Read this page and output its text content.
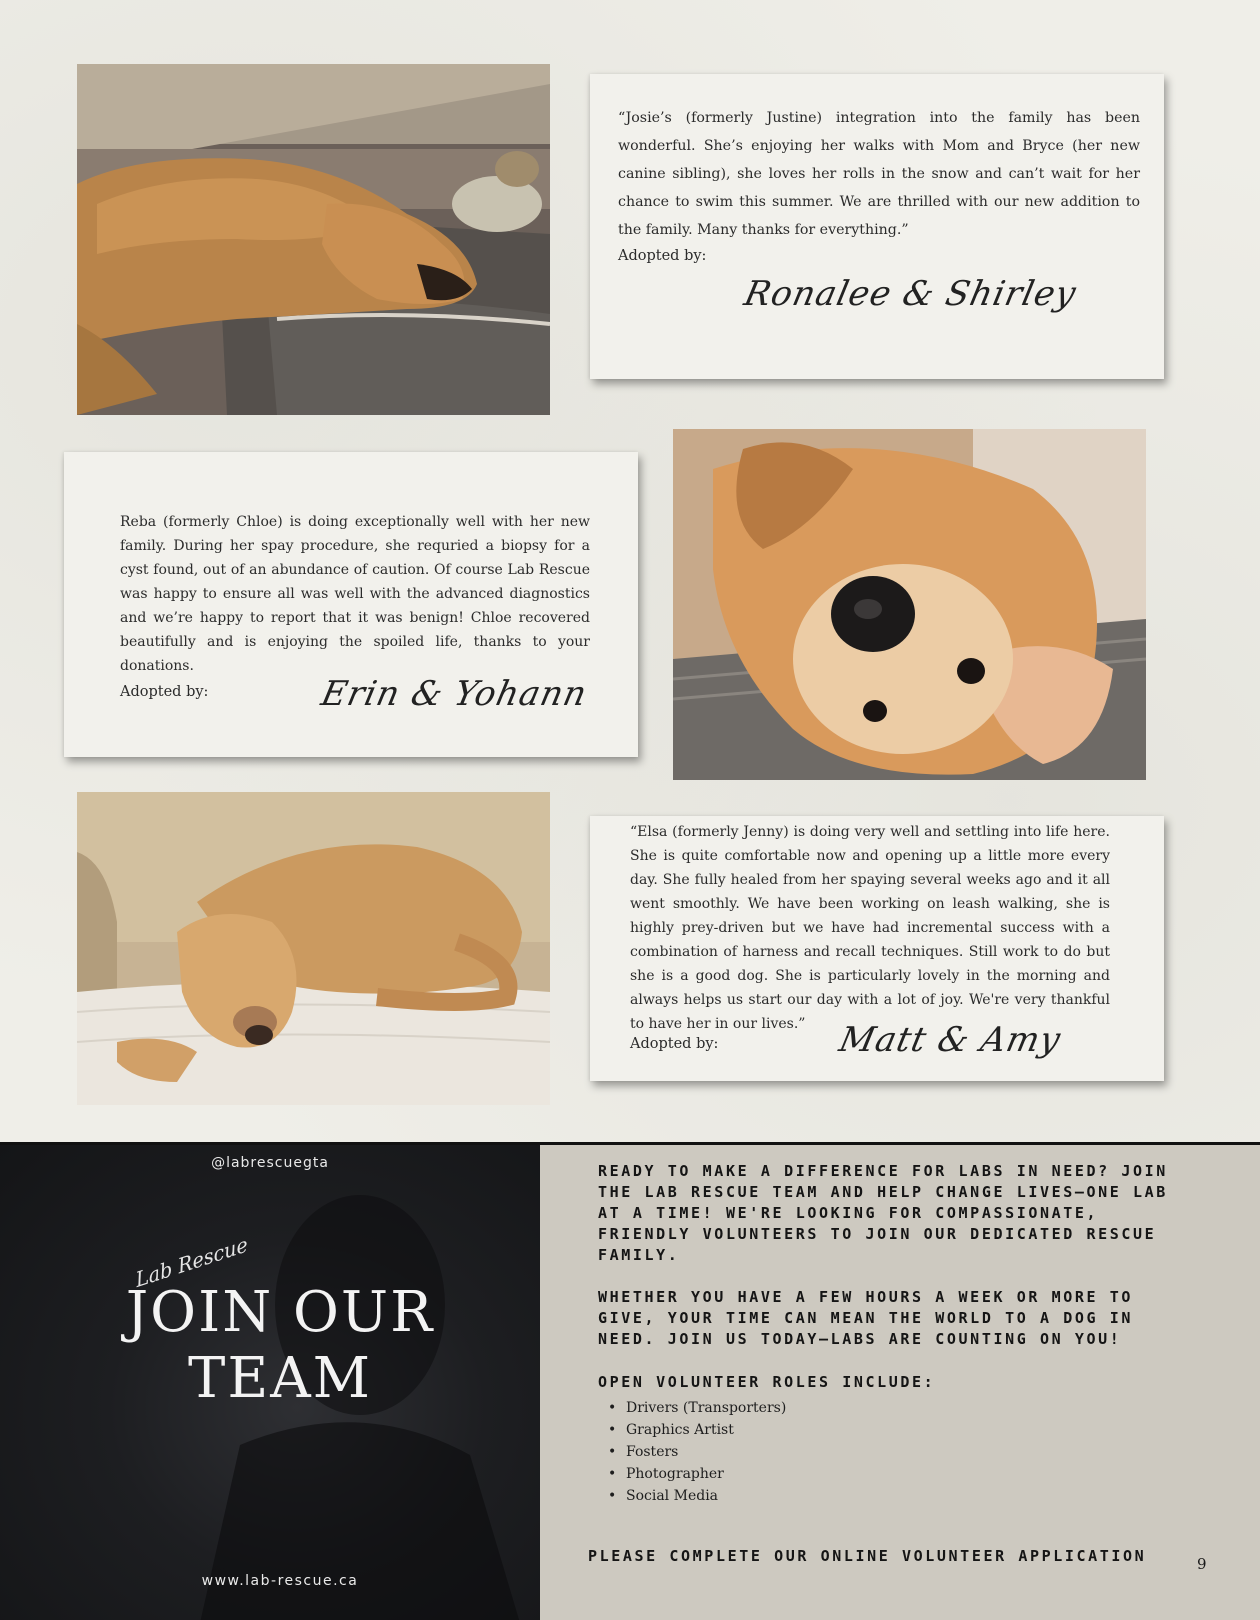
“Josie’s (formerly Justine) integration into the family has been wonderful. She’s enjoying her walks with Mom and Bryce (her new canine sibling), she loves her rolls in the snow and can’t wait for her chance to swim this summer. We are thrilled with our new addition to the family. Many thanks for everything.”
Adopted by:
Ronalee & Shirley
Reba (formerly Chloe) is doing exceptionally well with her new family. During her spay procedure, she requried a biopsy for a cyst found, out of an abundance of caution. Of course Lab Rescue was happy to ensure all was well with the advanced diagnostics and we’re happy to report that it was benign! Chloe recovered beautifully and is enjoying the spoiled life, thanks to your donations.
Adopted by:	Erin & Yohann
“Elsa (formerly Jenny) is doing very well and settling into life here. She is quite comfortable now and opening up a little more every day. She fully healed from her spaying several weeks ago and it all went smoothly. We have been working on leash walking, she is highly prey-driven but we have had incremental success with a combination of harness and recall techniques. Still work to do but she is a good dog. She is particularly lovely in the morning and always helps us start our day with a lot of joy. We're very thankful to have her in our lives.”
Adopted by:	Matt & Amy
@labrescuegta
Lab Rescue
JOIN OUR
TEAM
www.lab-rescue.ca

READY TO MAKE A DIFFERENCE FOR LABS IN NEED? JOIN THE LAB RESCUE TEAM AND HELP CHANGE LIVES–ONE LAB AT A TIME! WE'RE LOOKING FOR COMPASSIONATE, FRIENDLY VOLUNTEERS TO JOIN OUR DEDICATED RESCUE FAMILY.

WHETHER YOU HAVE A FEW HOURS A WEEK OR MORE TO GIVE, YOUR TIME CAN MEAN THE WORLD TO A DOG IN NEED. JOIN US TODAY–LABS ARE COUNTING ON YOU!

OPEN VOLUNTEER ROLES INCLUDE:
• Drivers (Transporters)
• Graphics Artist
• Fosters
• Photographer
• Social Media
PLEASE COMPLETE OUR ONLINE VOLUNTEER APPLICATION	9
